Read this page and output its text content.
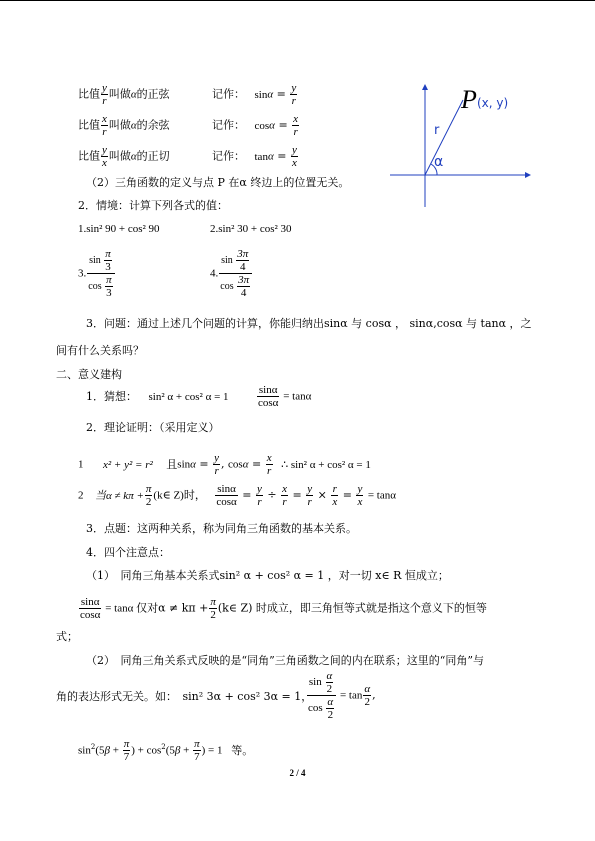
比值 $\frac{y}{r}$ 叫做α的正弦	记作： $\sin\alpha = \frac{y}{r}$
比值 $\frac{x}{r}$ 叫做α的余弦	记作： $\cos\alpha = \frac{x}{r}$
比值 $\frac{y}{x}$ 叫做α的正切	记作： $\tan\alpha = \frac{y}{x}$
P (x, y)
r
α
（2）三角函数的定义与点 P 在α 终边上的位置无关。
2．情境：计算下列各式的值：
1.sin² 90 + cos² 90	2.sin² 30 + cos² 30
3. $\frac{\sin \frac{\pi}{3}}{\cos \frac{\pi}{3}}$	4. $\frac{\sin \frac{3\pi}{4}}{\cos \frac{3\pi}{4}}$
3．问题：通过上述几个问题的计算，你能归纳出sinα 与 cosα ， sinα,cosα 与 tanα ，之
间有什么关系吗？
二、意义建构
1．猜想： sin² α + cos² α = 1	$\frac{\sin\alpha}{\cos\alpha} = \tan\alpha$
2．理论证明：（采用定义）
1 x² + y² = r² 且$\sin\alpha = \frac{y}{r}$ , $\cos\alpha = \frac{x}{r}$ ∴ sin² α + cos² α = 1
2 当$\alpha \ne k\pi + \frac{\pi}{2}$ (k∈ Z)时， $\frac{\sin\alpha}{\cos\alpha} = \frac{y}{r} \div \frac{x}{r} = \frac{y}{r} \times \frac{r}{x} = \frac{y}{x} = \tan\alpha$
3．点题：这两种关系，称为同角三角函数的基本关系。
4．四个注意点：
（1）　同角三角基本关系式sin² α + cos² α = 1 ，对一切 x∈ R 恒成立；
$\frac{\sin\alpha}{\cos\alpha} = \tan\alpha$ 仅对$\alpha \ne k\pi + \frac{\pi}{2}$ (k∈ Z) 时成立，即三角恒等式就是指这个意义下的恒等
式；
（2）　同角三角关系式反映的是“同角”三角函数之间的内在联系；这里的“同角”与
角的表达形式无关。如：　sin² 3α + cos² 3α = 1，
$\frac{\sin \frac{\alpha}{2}}{\cos \frac{\alpha}{2}} = \tan \frac{\alpha}{2}$ ,
$\sin^2(5\beta + \frac{\pi}{7}$ ) + $\cos^2(5\beta + \frac{\pi}{7}$ ) = 1 等。
2 / 4
